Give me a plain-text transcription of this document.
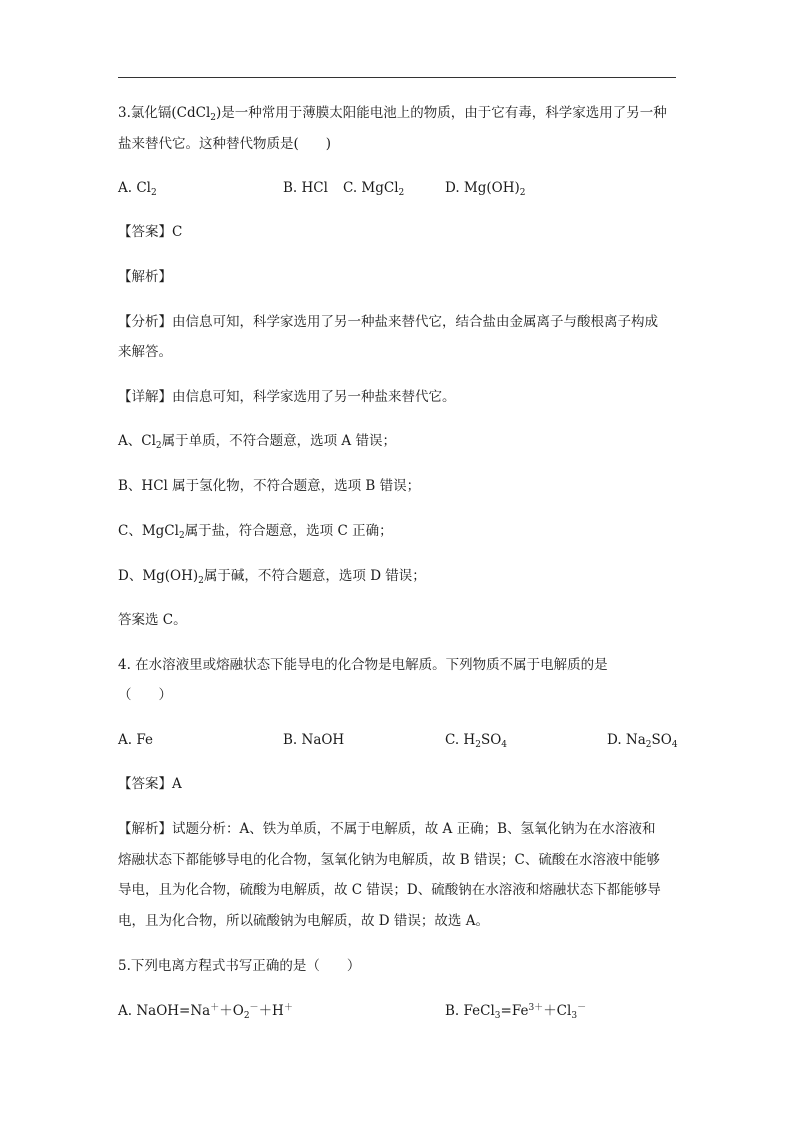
3.氯化镉(CdCl$_2$)是一种常用于薄膜太阳能电池上的物质，由于它有毒，科学家选用了另一种
盐来替代它。这种替代物质是(　　)
A. $Cl_2$	B. HCl C. MgCl$_2$	D. $Mg(OH)_2$
【答案】C
【解析】
【分析】由信息可知，科学家选用了另一种盐来替代它，结合盐由金属离子与酸根离子构成
来解答。
【详解】由信息可知，科学家选用了另一种盐来替代它。
A、$Cl_2$属于单质，不符合题意，选项 A 错误；
B、HCl 属于氢化物，不符合题意，选项 B 错误；
C、MgCl$_2$属于盐，符合题意，选项 C 正确；
D、$Mg(OH)_2$属于碱，不符合题意，选项 D 错误；
答案选 C。
4. 在水溶液里或熔融状态下能导电的化合物是电解质。下列物质不属于电解质的是
（　　）
A. Fe	B. NaOH	C. $H_2SO_4$	D. $Na_2SO_4$
【答案】A
【解析】试题分析：A、铁为单质，不属于电解质，故 A 正确；B、氢氧化钠为在水溶液和
熔融状态下都能够导电的化合物，氢氧化钠为电解质，故 B 错误；C、硫酸在水溶液中能够
导电，且为化合物，硫酸为电解质，故 C 错误；D、硫酸钠在水溶液和熔融状态下都能够导
电，且为化合物，所以硫酸钠为电解质，故 D 错误；故选 A。
5.下列电离方程式书写正确的是（　　）
A. $NaOH=Na^++O_2^-+H^+$	B. $FeCl_3=Fe^{3+}+Cl_3^-$
